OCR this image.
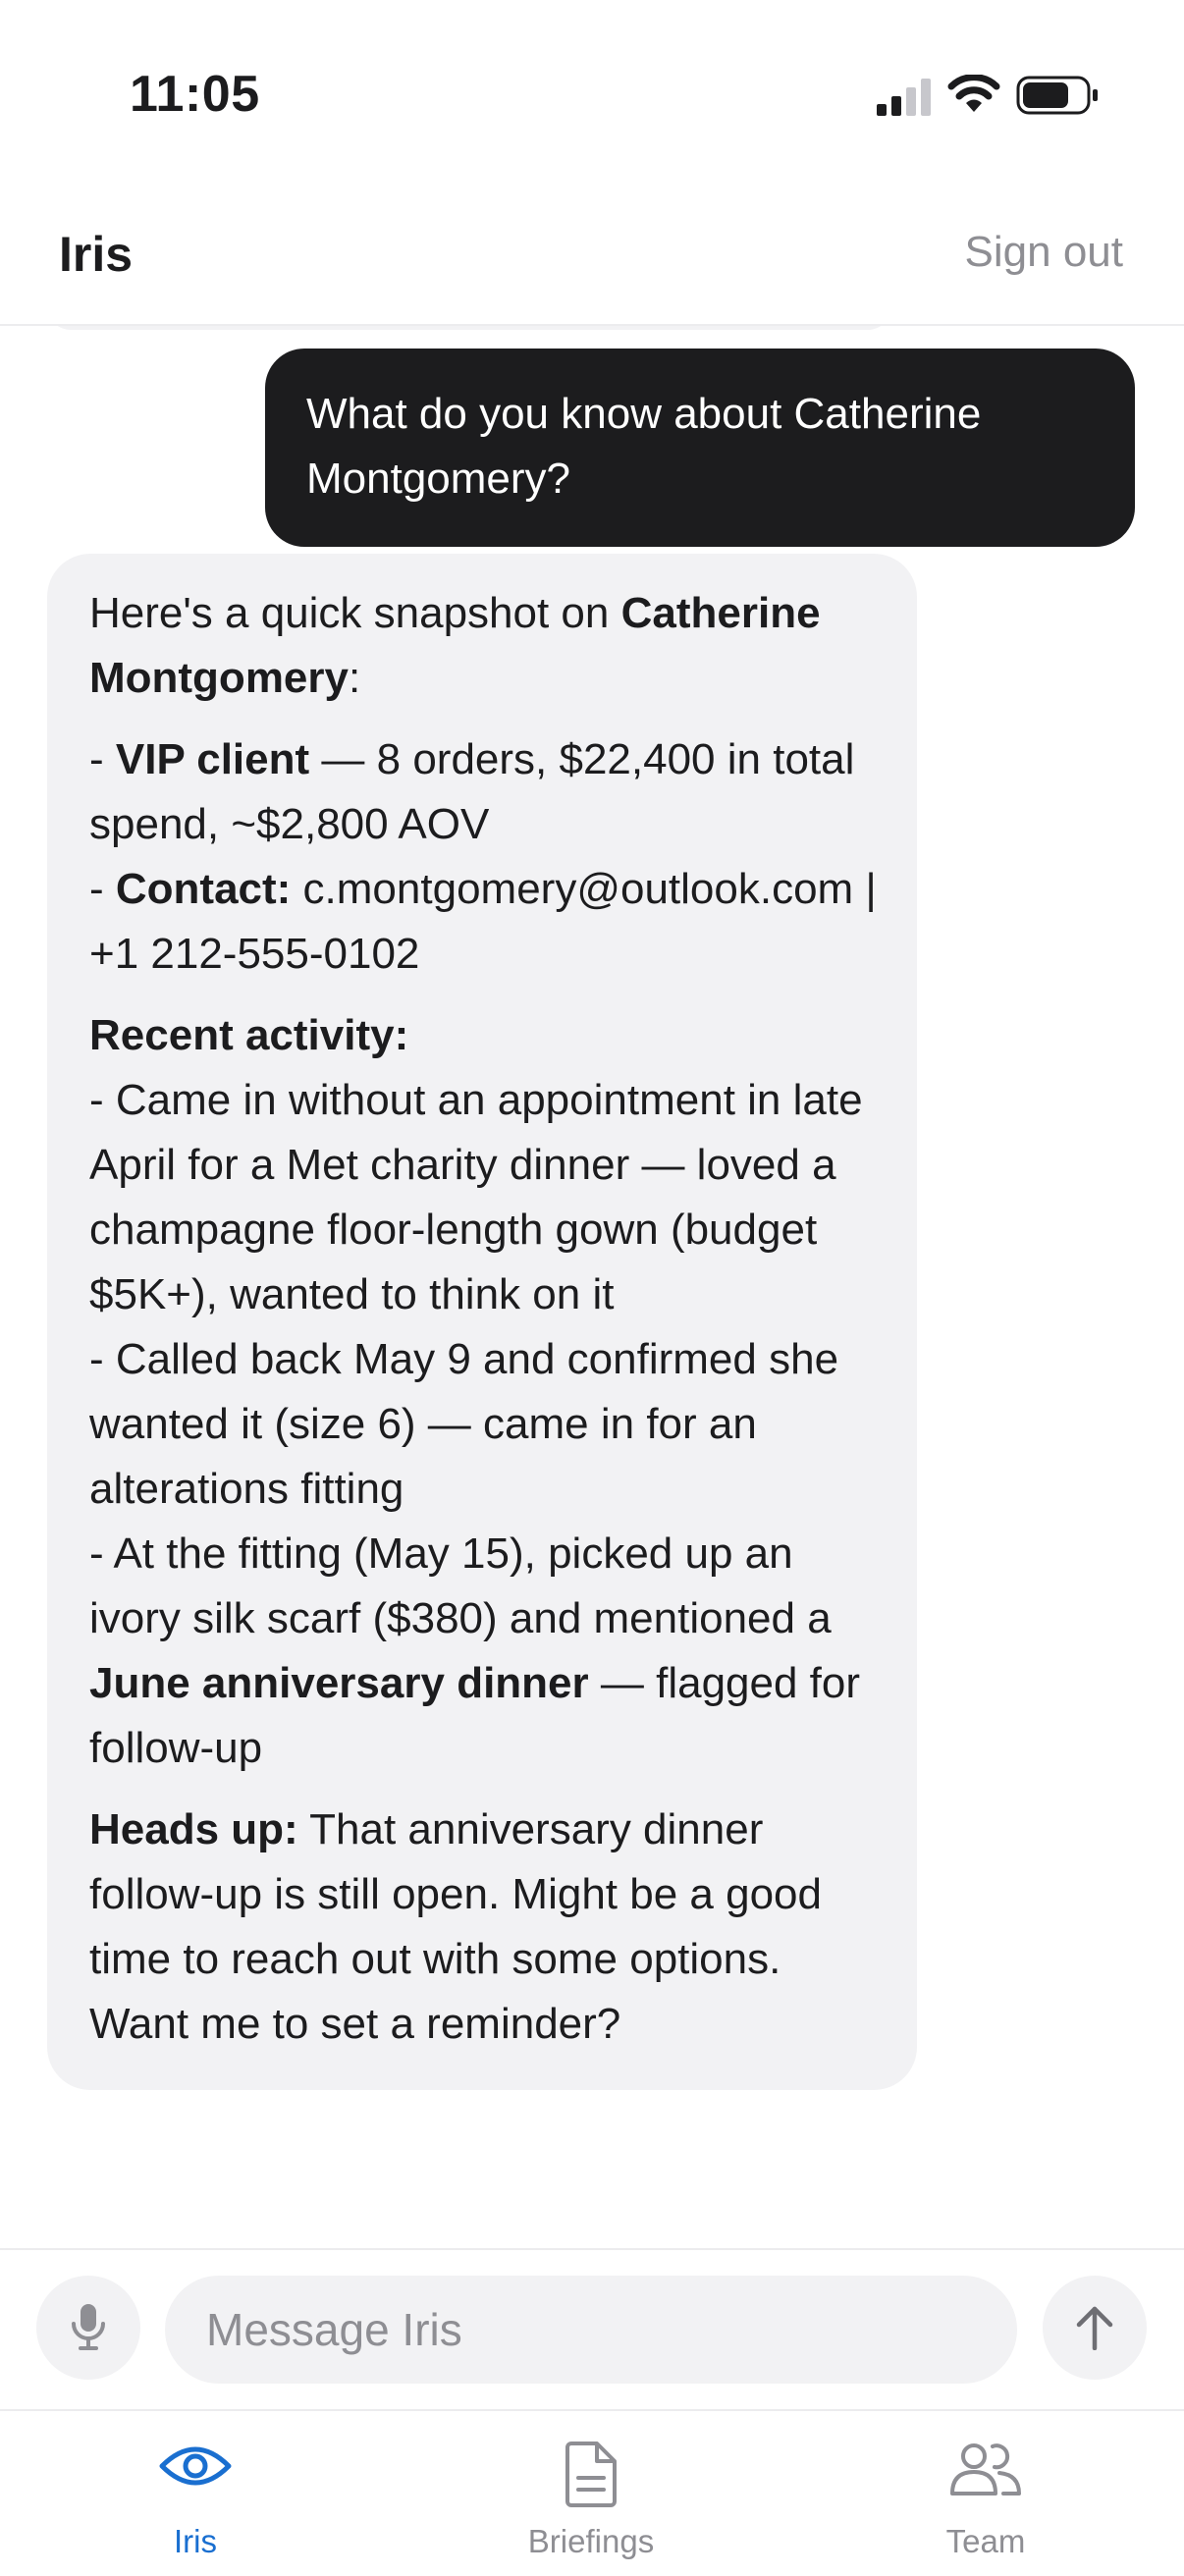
11:05
Iris	Sign out
What do you know about Catherine Montgomery?

Here's a quick snapshot on Catherine Montgomery:

- VIP client — 8 orders, $22,400 in total spend, ~$2,800 AOV
- Contact: c.montgomery@outlook.com | +1 212-555-0102

Recent activity:
- Came in without an appointment in late April for a Met charity dinner — loved a champagne floor-length gown (budget $5K+), wanted to think on it
- Called back May 9 and confirmed she wanted it (size 6) — came in for an alterations fitting
- At the fitting (May 15), picked up an ivory silk scarf ($380) and mentioned a June anniversary dinner — flagged for follow-up

Heads up: That anniversary dinner follow-up is still open. Might be a good time to reach out with some options. Want me to set a reminder?

Message Iris
Iris	Briefings	Team
